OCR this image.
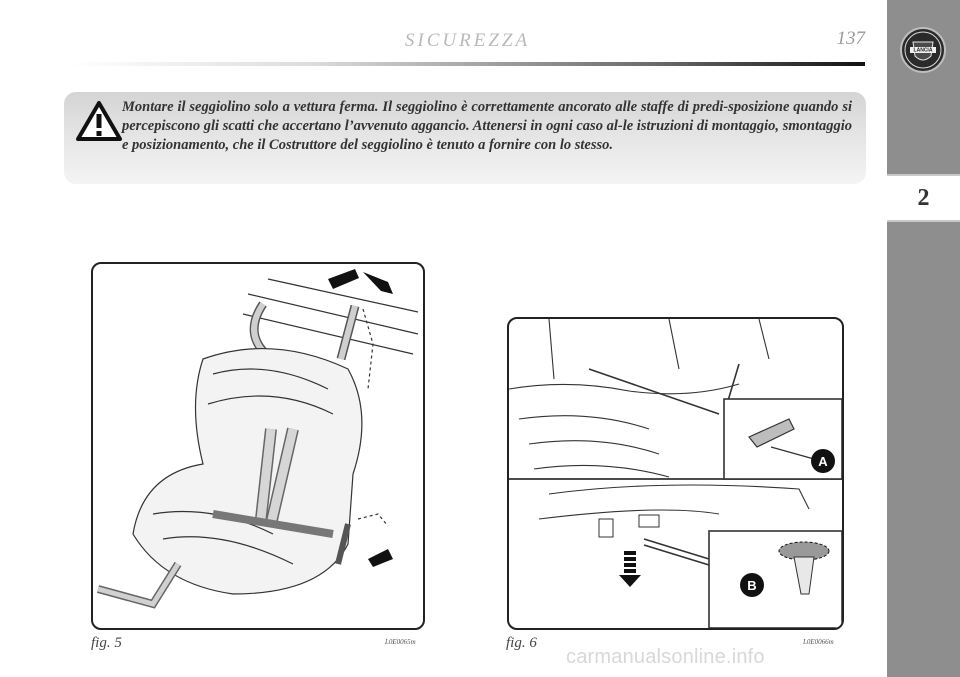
2
LANCIA
SICUREZZA	137

Montare il seggiolino solo a vettura ferma. Il seggiolino è correttamente ancorato alle staffe di predi-sposizione quando si percepiscono gli scatti che accertano l’avvenuto aggancio. Attenersi in ogni caso al-le istruzioni di montaggio, smontaggio e posizionamento, che il Costruttore del seggiolino è tenuto a fornire con lo stesso.

fig. 5	L0E0065m
A
B
fig. 6	L0E0066m
carmanualsonline.info
